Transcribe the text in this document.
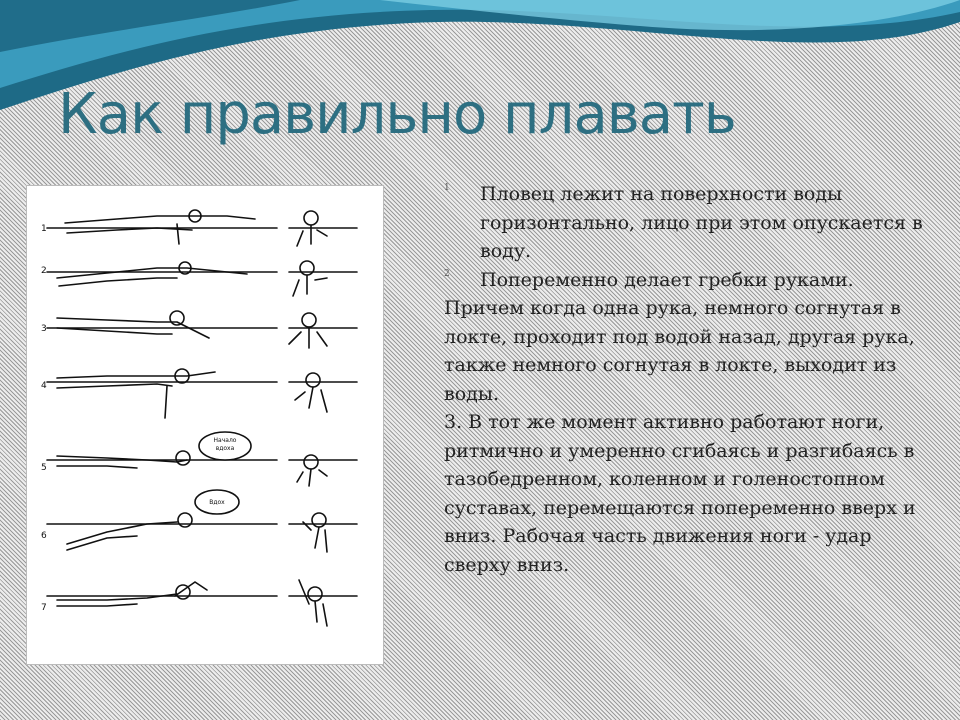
Как правильно плавать
1
2
3
4
5
Начало
вдоха
6
Вдох
7
1 Пловец лежит на поверхности воды горизонтально, лицо при этом опускается в воду.
2 Попеременно делает гребки руками.

Причем когда одна рука, немного согнутая в локте, проходит под водой назад, другая рука, также немного согнутая в локте, выходит из воды.

3. В тот же момент активно работают ноги, ритмично и умеренно сгибаясь и разгибаясь в тазобедренном, коленном и голеностопном суставах, перемещаются попеременно вверх и вниз. Рабочая часть движения ноги - удар сверху вниз.
